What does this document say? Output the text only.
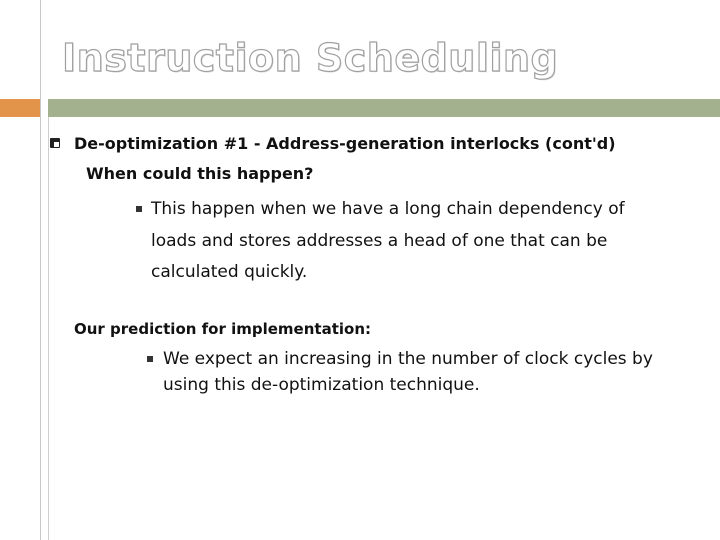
Instruction Scheduling
De-optimization #1 - Address-generation interlocks (cont'd)
When could this happen?
This happen when we have a long chain dependency of
loads and stores addresses a head of one that can be
calculated quickly.
Our prediction for implementation:
We expect an increasing in the number of clock cycles by
using this de-optimization technique.
